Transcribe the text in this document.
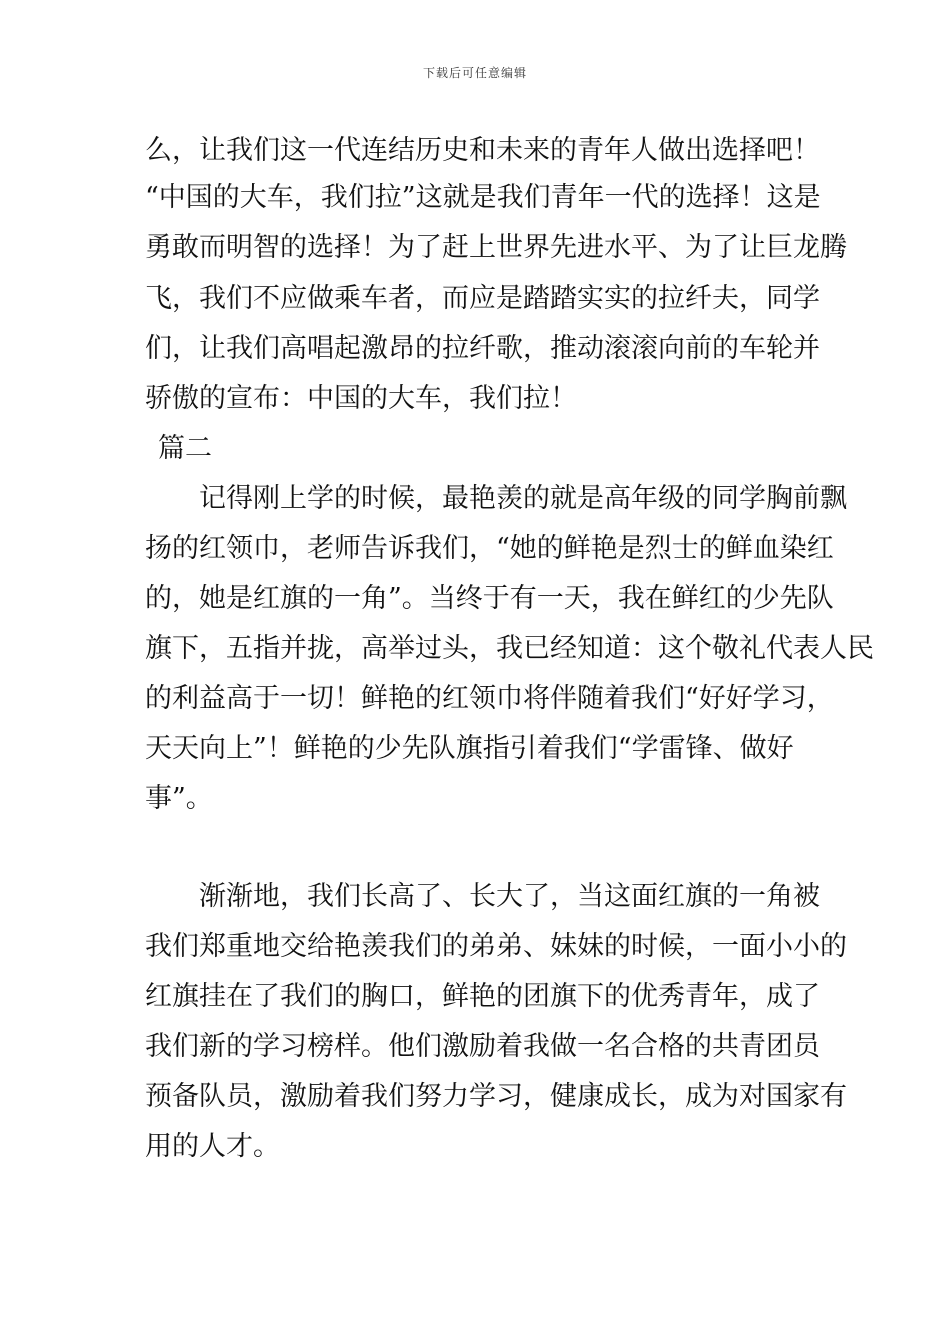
下载后可任意编辑
么，让我们这一代连结历史和未来的青年人做出选择吧！
“中国的大车，我们拉”这就是我们青年一代的选择！这是
勇敢而明智的选择！为了赶上世界先进水平、为了让巨龙腾
飞，我们不应做乘车者，而应是踏踏实实的拉纤夫，同学
们，让我们高唱起激昂的拉纤歌，推动滚滚向前的车轮并
骄傲的宣布：中国的大车，我们拉！
篇二
记得刚上学的时候，最艳羡的就是高年级的同学胸前飘
扬的红领巾，老师告诉我们，“她的鲜艳是烈士的鲜血染红
的，她是红旗的一角”。当终于有一天，我在鲜红的少先队
旗下，五指并拢，高举过头，我已经知道：这个敬礼代表人民
的利益高于一切！鲜艳的红领巾将伴随着我们“好好学习，
天天向上”！鲜艳的少先队旗指引着我们“学雷锋、做好
事”。
渐渐地，我们长高了、长大了，当这面红旗的一角被
我们郑重地交给艳羡我们的弟弟、妹妹的时候，一面小小的
红旗挂在了我们的胸口，鲜艳的团旗下的优秀青年，成了
我们新的学习榜样。他们激励着我做一名合格的共青团员
预备队员，激励着我们努力学习，健康成长，成为对国家有
用的人才。
